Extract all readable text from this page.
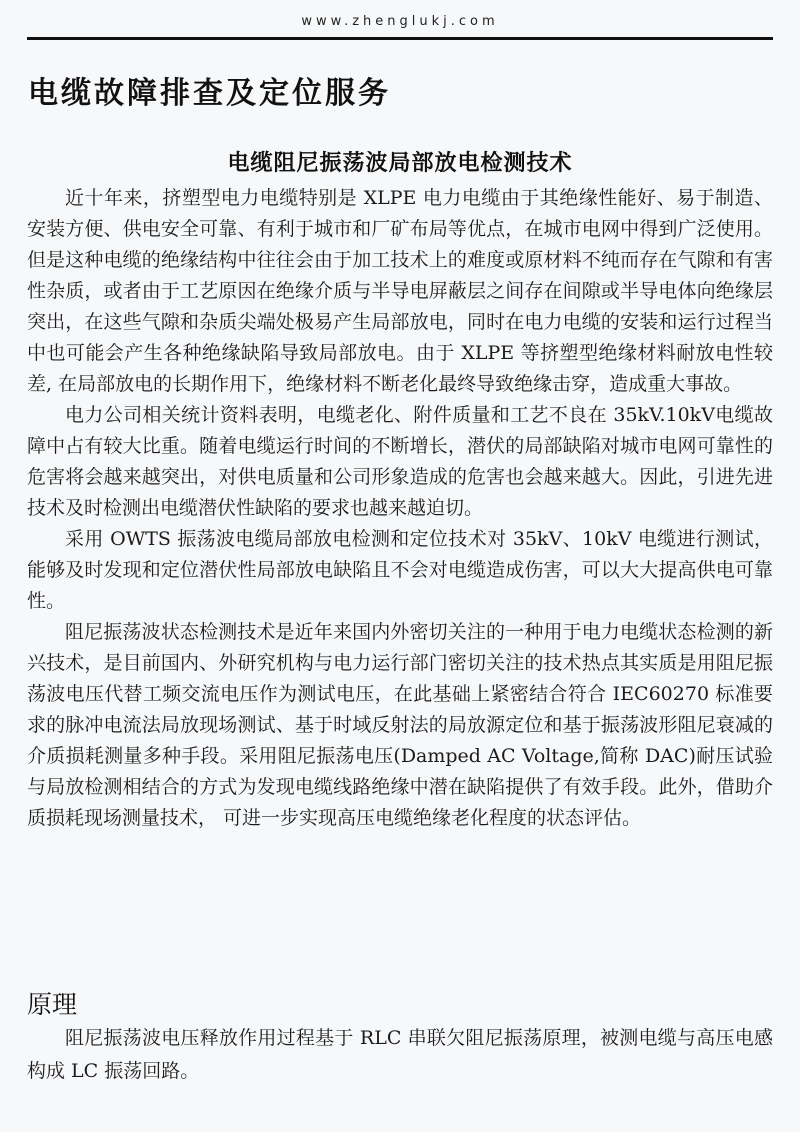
www.zhenglukj.com
电缆故障排查及定位服务
电缆阻尼振荡波局部放电检测技术

近十年来，挤塑型电力电缆特别是 XLPE 电力电缆由于其绝缘性能好、易于制造、安装方便、供电安全可靠、有利于城市和厂矿布局等优点，在城市电网中得到广泛使用。但是这种电缆的绝缘结构中往往会由于加工技术上的难度或原材料不纯而存在气隙和有害性杂质，或者由于工艺原因在绝缘介质与半导电屏蔽层之间存在间隙或半导电体向绝缘层突出，在这些气隙和杂质尖端处极易产生局部放电，同时在电力电缆的安装和运行过程当中也可能会产生各种绝缘缺陷导致局部放电。由于 XLPE 等挤塑型绝缘材料耐放电性较差, 在局部放电的长期作用下，绝缘材料不断老化最终导致绝缘击穿，造成重大事故。

电力公司相关统计资料表明，电缆老化、附件质量和工艺不良在 35kV.10kV电缆故障中占有较大比重。随着电缆运行时间的不断增长，潜伏的局部缺陷对城市电网可靠性的危害将会越来越突出，对供电质量和公司形象造成的危害也会越来越大。因此，引进先进技术及时检测出电缆潜伏性缺陷的要求也越来越迫切。

采用 OWTS 振荡波电缆局部放电检测和定位技术对 35kV、10kV 电缆进行测试，能够及时发现和定位潜伏性局部放电缺陷且不会对电缆造成伤害，可以大大提高供电可靠性。

阻尼振荡波状态检测技术是近年来国内外密切关注的一种用于电力电缆状态检测的新兴技术，是目前国内、外研究机构与电力运行部门密切关注的技术热点其实质是用阻尼振荡波电压代替工频交流电压作为测试电压，在此基础上紧密结合符合 IEC60270 标准要求的脉冲电流法局放现场测试、基于时域反射法的局放源定位和基于振荡波形阻尼衰减的介质损耗测量多种手段。采用阻尼振荡电压(Damped AC Voltage,简称 DAC)耐压试验与局放检测相结合的方式为发现电缆线路绝缘中潜在缺陷提供了有效手段。此外，借助介质损耗现场测量技术， 可进一步实现高压电缆绝缘老化程度的状态评估。

原理

阻尼振荡波电压释放作用过程基于 RLC 串联欠阻尼振荡原理，被测电缆与高压电感构成 LC 振荡回路。
